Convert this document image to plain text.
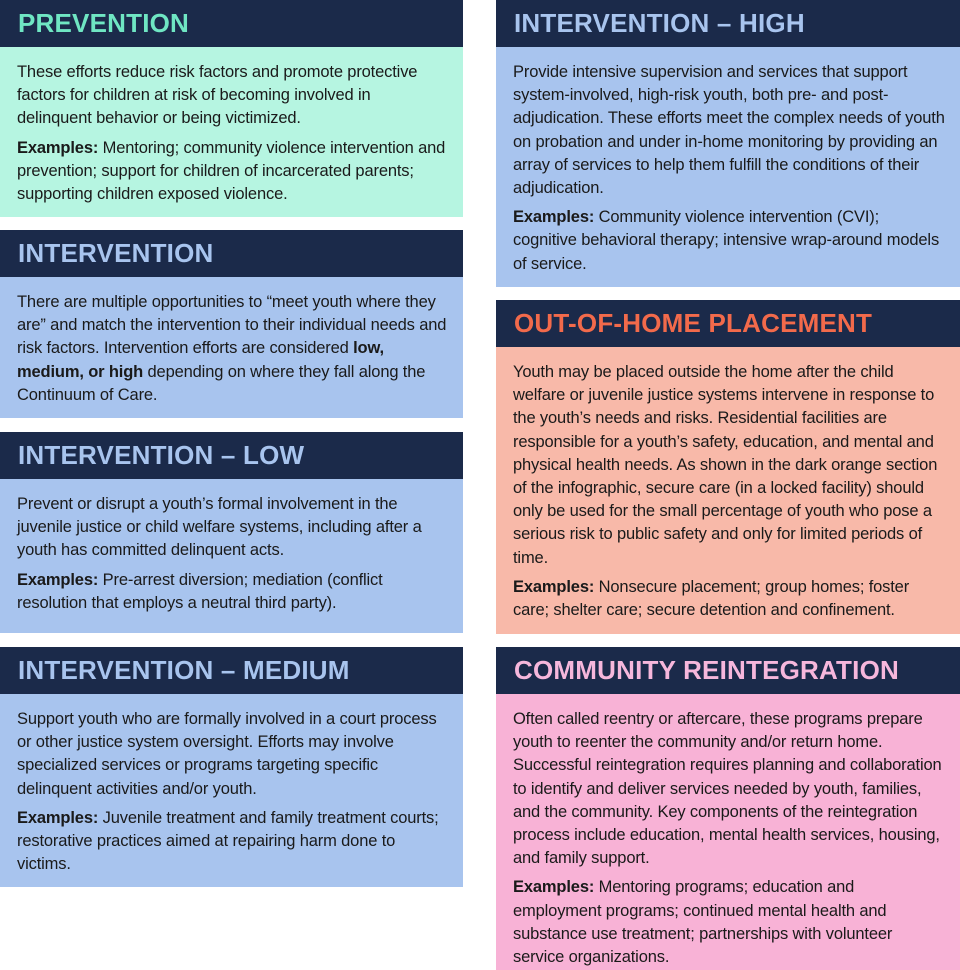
PREVENTION

These efforts reduce risk factors and promote protective factors for children at risk of becoming involved in delinquent behavior or being victimized.

Examples: Mentoring; community violence intervention and prevention; support for children of incarcerated parents; supporting children exposed violence.

INTERVENTION

There are multiple opportunities to “meet youth where they are” and match the intervention to their individual needs and risk factors. Intervention efforts are considered low, medium, or high depending on where they fall along the Continuum of Care.

INTERVENTION – LOW

Prevent or disrupt a youth’s formal involvement in the juvenile justice or child welfare systems, including after a youth has committed delinquent acts.

Examples: Pre-arrest diversion; mediation (conflict resolution that employs a neutral third party).

INTERVENTION – MEDIUM

Support youth who are formally involved in a court process or other justice system oversight. Efforts may involve specialized services or programs targeting specific delinquent activities and/or youth.

Examples: Juvenile treatment and family treatment courts; restorative practices aimed at repairing harm done to victims.

INTERVENTION – HIGH

Provide intensive supervision and services that support system-involved, high-risk youth, both pre- and post-adjudication. These efforts meet the complex needs of youth on probation and under in-home monitoring by providing an array of services to help them fulfill the conditions of their adjudication.

Examples: Community violence intervention (CVI); cognitive behavioral therapy; intensive wrap-around models of service.

OUT-OF-HOME PLACEMENT

Youth may be placed outside the home after the child welfare or juvenile justice systems intervene in response to the youth’s needs and risks. Residential facilities are responsible for a youth’s safety, education, and mental and physical health needs. As shown in the dark orange section of the infographic, secure care (in a locked facility) should only be used for the small percentage of youth who pose a serious risk to public safety and only for limited periods of time.

Examples: Nonsecure placement; group homes; foster care; shelter care; secure detention and confinement.

COMMUNITY REINTEGRATION

Often called reentry or aftercare, these programs prepare youth to reenter the community and/or return home. Successful reintegration requires planning and collaboration to identify and deliver services needed by youth, families, and the community. Key components of the reintegration process include education, mental health services, housing, and family support.

Examples: Mentoring programs; education and employment programs; continued mental health and substance use treatment; partnerships with volunteer service organizations.
